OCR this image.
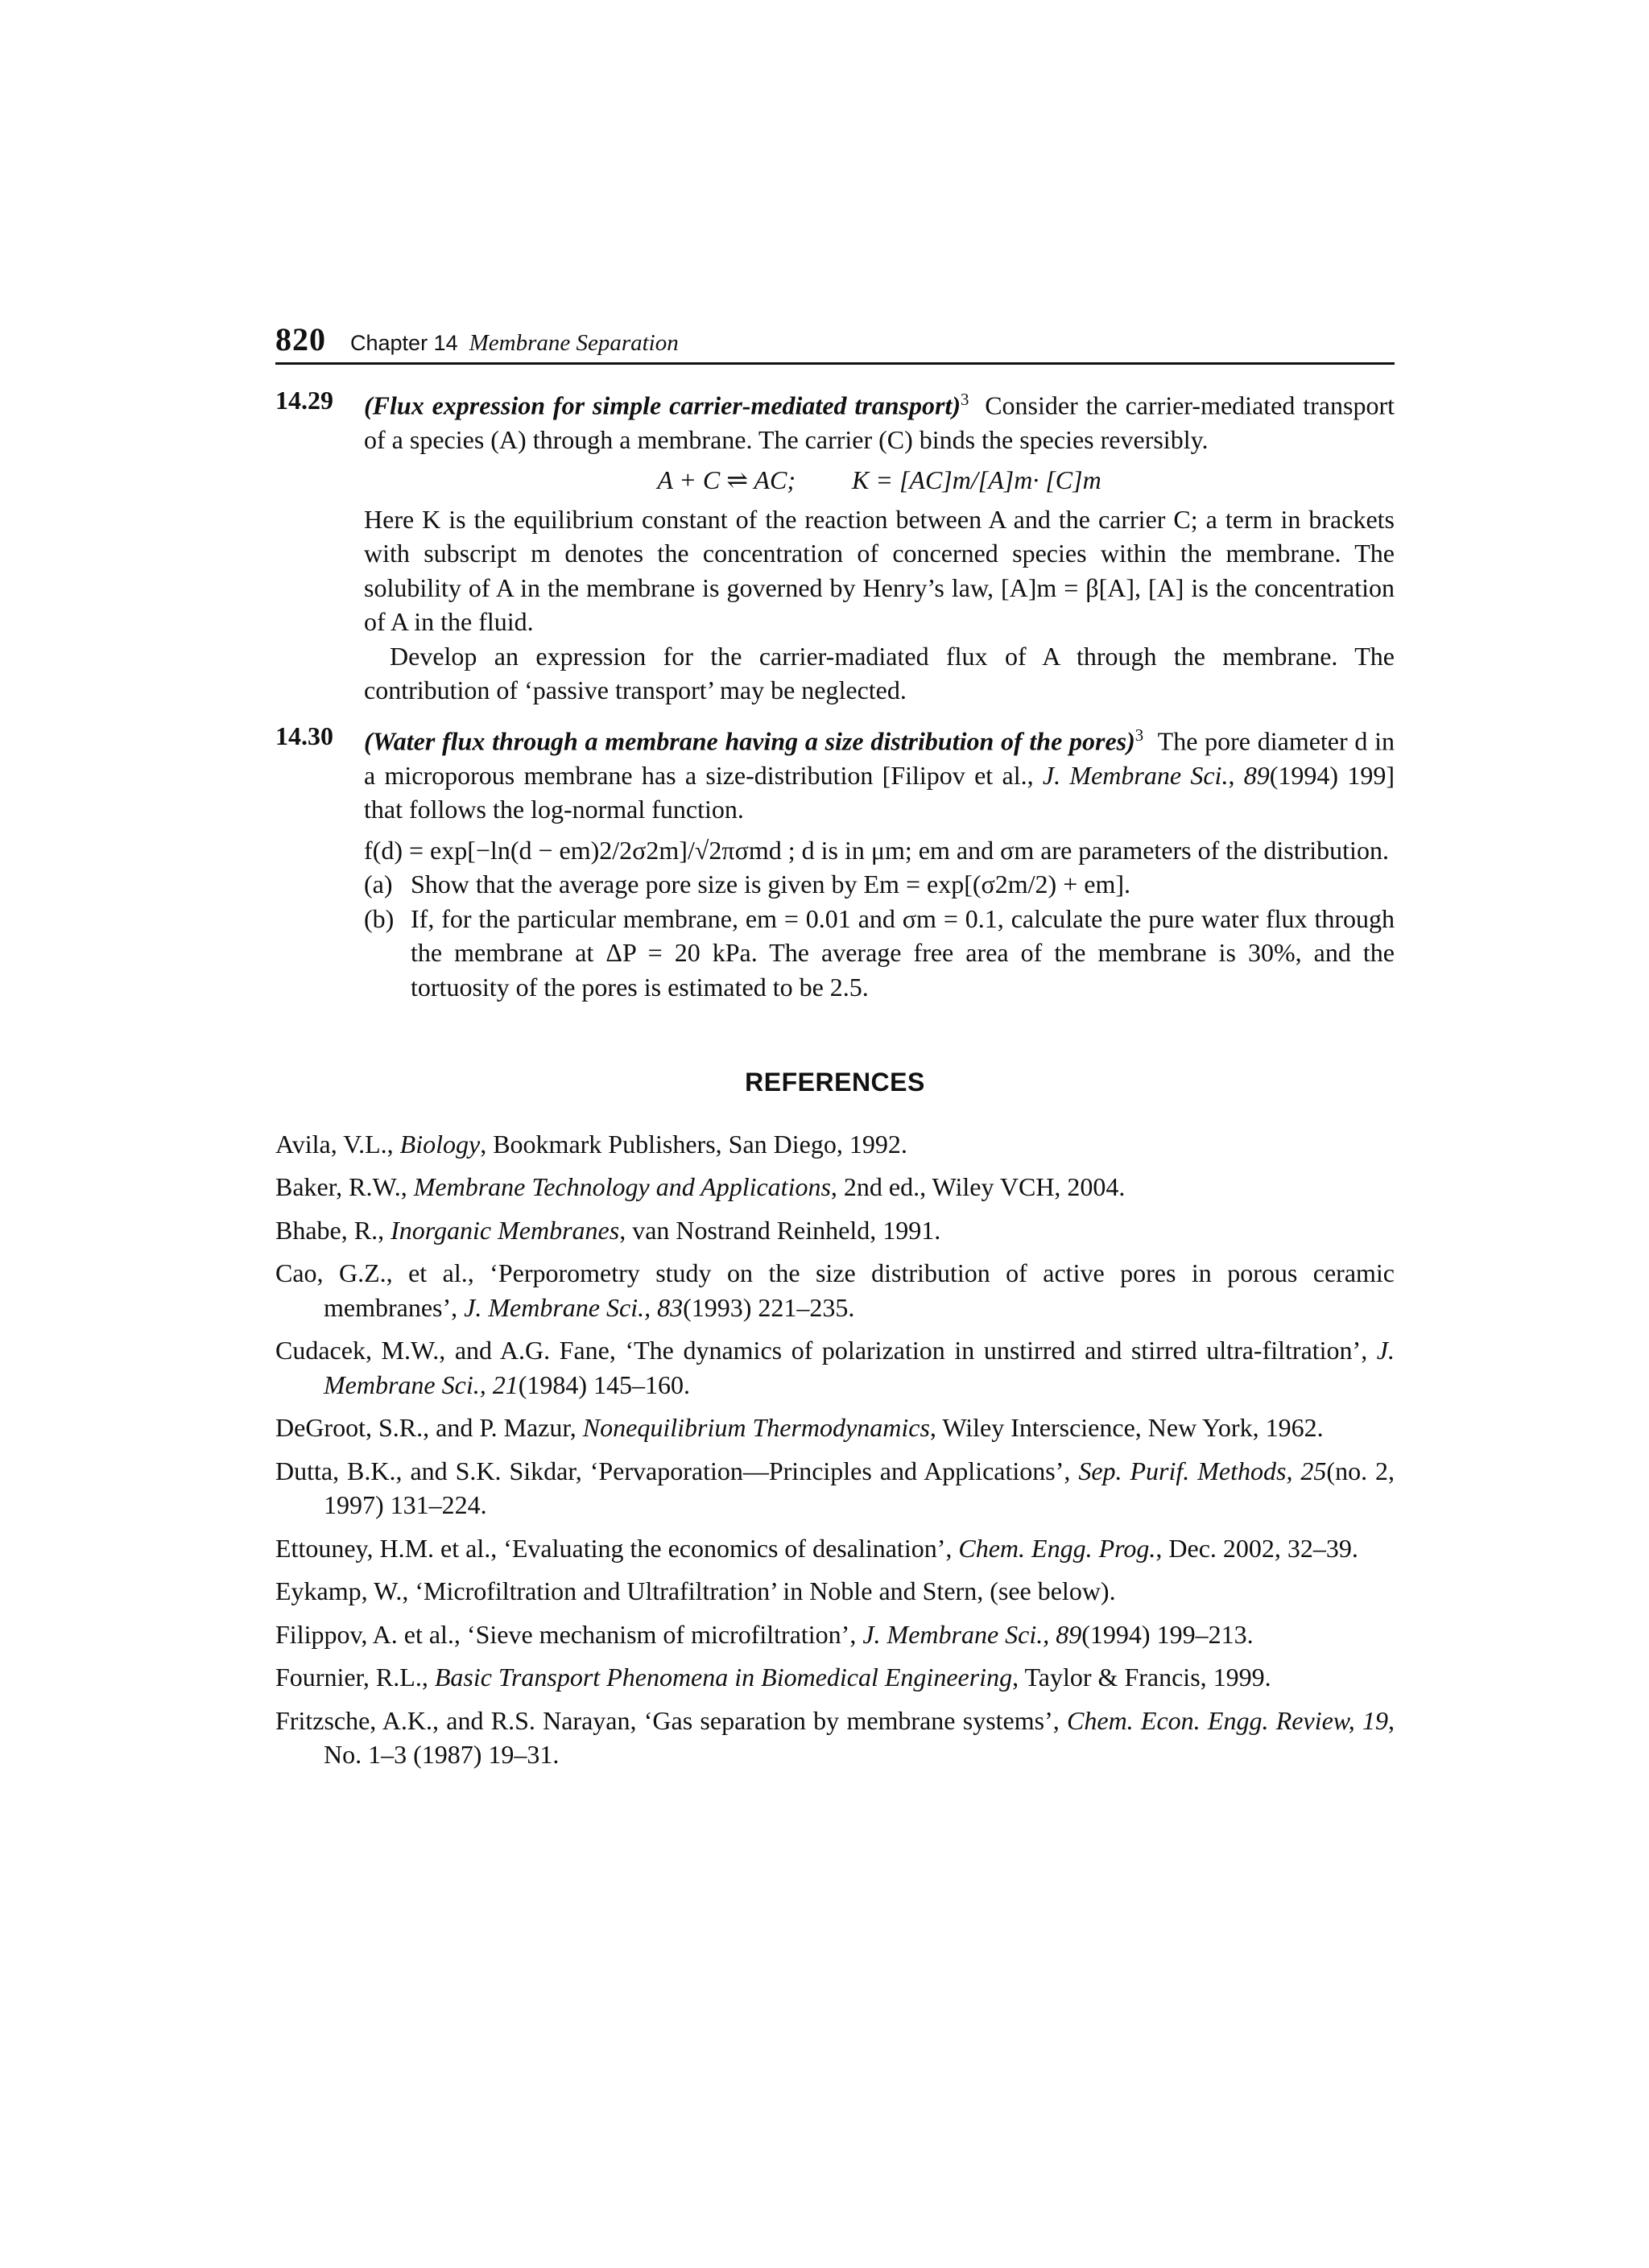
820 Chapter 14 Membrane Separation
14.29 (Flux expression for simple carrier-mediated transport)$^3$ Consider the carrier-mediated transport of a species (A) through a membrane. The carrier (C) binds the species reversibly.

A + C ⇌ AC; K = [AC]m/[A]m· [C]m

Here K is the equilibrium constant of the reaction between A and the carrier C; a term in brackets with subscript m denotes the concentration of concerned species within the membrane. The solubility of A in the membrane is governed by Henry’s law, [A]m = β[A], [A] is the concentration of A in the fluid.

Develop an expression for the carrier-madiated flux of A through the membrane. The contribution of ‘passive transport’ may be neglected.

14.30 (Water flux through a membrane having a size distribution of the pores)$^3$ The pore diameter d in a microporous membrane has a size-distribution [Filipov et al., J. Membrane Sci., 89(1994) 199] that follows the log-normal function.

f(d) = exp[−ln(d − em)2/2σ2m]/√2πσmd ; d is in μm; em and σm are parameters of the distribution.

(a) Show that the average pore size is given by Em = exp[(σ2m/2) + em].
(b) If, for the particular membrane, em = 0.01 and σm = 0.1, calculate the pure water flux through the membrane at ΔP = 20 kPa. The average free area of the membrane is 30%, and the tortuosity of the pores is estimated to be 2.5.
REFERENCES
Avila, V.L., Biology, Bookmark Publishers, San Diego, 1992.
Baker, R.W., Membrane Technology and Applications, 2nd ed., Wiley VCH, 2004.
Bhabe, R., Inorganic Membranes, van Nostrand Reinheld, 1991.
Cao, G.Z., et al., ‘Perporometry study on the size distribution of active pores in porous ceramic membranes’, J. Membrane Sci., 83(1993) 221–235.
Cudacek, M.W., and A.G. Fane, ‘The dynamics of polarization in unstirred and stirred ultra-filtration’, J. Membrane Sci., 21(1984) 145–160.
DeGroot, S.R., and P. Mazur, Nonequilibrium Thermodynamics, Wiley Interscience, New York, 1962.
Dutta, B.K., and S.K. Sikdar, ‘Pervaporation—Principles and Applications’, Sep. Purif. Methods, 25(no. 2, 1997) 131–224.
Ettouney, H.M. et al., ‘Evaluating the economics of desalination’, Chem. Engg. Prog., Dec. 2002, 32–39.
Eykamp, W., ‘Microfiltration and Ultrafiltration’ in Noble and Stern, (see below).
Filippov, A. et al., ‘Sieve mechanism of microfiltration’, J. Membrane Sci., 89(1994) 199–213.
Fournier, R.L., Basic Transport Phenomena in Biomedical Engineering, Taylor & Francis, 1999.
Fritzsche, A.K., and R.S. Narayan, ‘Gas separation by membrane systems’, Chem. Econ. Engg. Review, 19, No. 1–3 (1987) 19–31.
